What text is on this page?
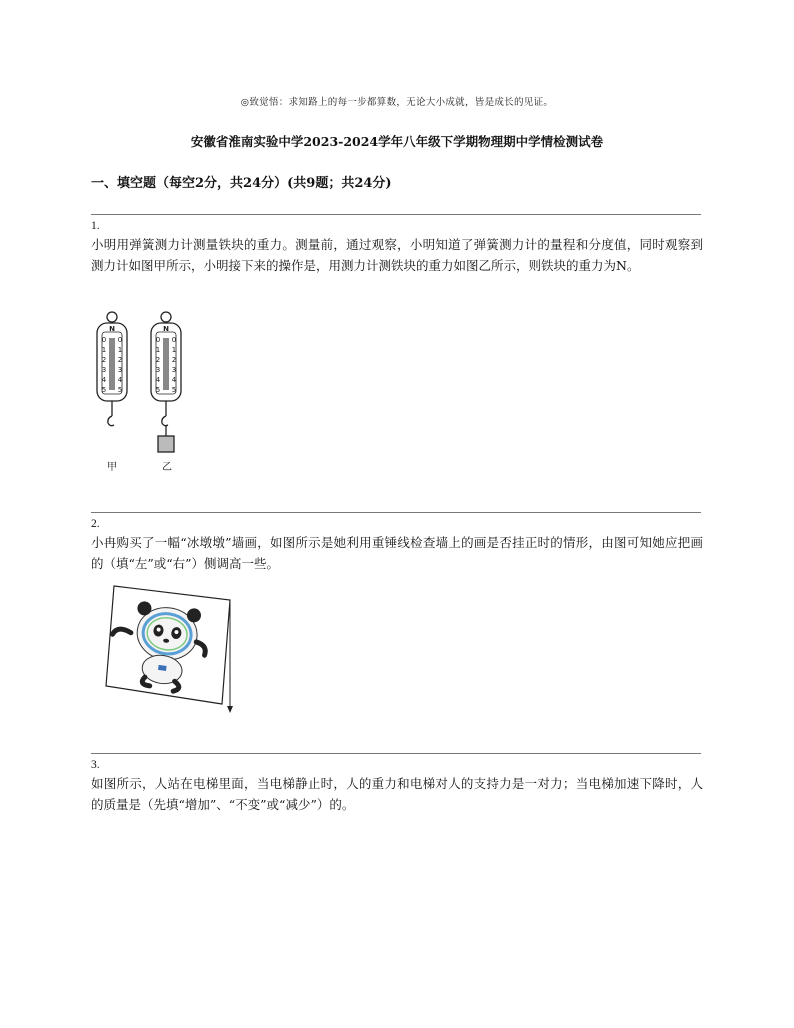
◎致觉悟：求知路上的每一步都算数，无论大小成就，皆是成长的见证。
安徽省淮南实验中学2023-2024学年八年级下学期物理期中学情检测试卷
一、填空题（每空2分，共24分）(共9题；共24分)
1.
小明用弹簧测力计测量铁块的重力。测量前，通过观察，小明知道了弹簧测力计的量程和分度值，同时观察到测力计如图甲所示，小明接下来的操作是，用测力计测铁块的重力如图乙所示，则铁块的重力为N。
N	N
0 0
1 1
2 2
3 3
4 4
5 5
0 0
1 1
2 2
3 3
4 4
5 5
甲	乙
2.
小冉购买了一幅“冰墩墩”墙画，如图所示是她利用重锤线检查墙上的画是否挂正时的情形，由图可知她应把画的（填“左”或“右”）侧调高一些。
3.
如图所示，人站在电梯里面，当电梯静止时，人的重力和电梯对人的支持力是一对力；当电梯加速下降时，人的质量是（先填“增加”、“不变”或“减少”）的。
